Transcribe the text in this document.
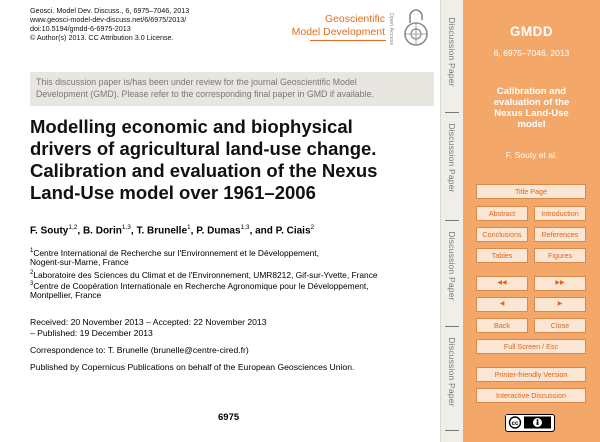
Geosci. Model Dev. Discuss., 6, 6975–7046, 2013
www.geosci-model-dev-discuss.net/6/6975/2013/
doi:10.5194/gmdd-6-6975-2013
© Author(s) 2013. CC Attribution 3.0 License.
Geoscientific
Model Development Open Access
This discussion paper is/has been under review for the journal Geoscientific Model
Development (GMD). Please refer to the corresponding final paper in GMD if available.
Modelling economic and biophysical
drivers of agricultural land-use change.
Calibration and evaluation of the Nexus
Land-Use model over 1961–2006
F. Souty$^{1,2}$, B. Dorin$^{1,3}$, T. Brunelle$^1$, P. Dumas$^{1,3}$, and P. Ciais$^2$
$^1$Centre International de Recherche sur l'Environnement et le Développement,
Nogent-sur-Marne, France
$^2$Laboratoire des Sciences du Climat et de l'Environnement, UMR8212, Gif-sur-Yvette, France
$^3$Centre de Coopération Internationale en Recherche Agronomique pour le Développement,
Montpellier, France
Received: 20 November 2013 – Accepted: 22 November 2013
– Published: 19 December 2013
Correspondence to: T. Brunelle (brunelle@centre-cired.fr)
Published by Copernicus Publications on behalf of the European Geosciences Union.
6975
Discussion Paper
Discussion Paper
Discussion Paper
Discussion Paper
GMDD
6, 6975–7046, 2013
Calibration and
evaluation of the
Nexus Land-Use
model
F. Souty et al.
Title Page
Abstract	Introduction
Conclusions	References
Tables	Figures
◀◀	▶▶
◀	▶
Back	Close
Full Screen / Esc
Printer-friendly Version
Interactive Discussion
cc
